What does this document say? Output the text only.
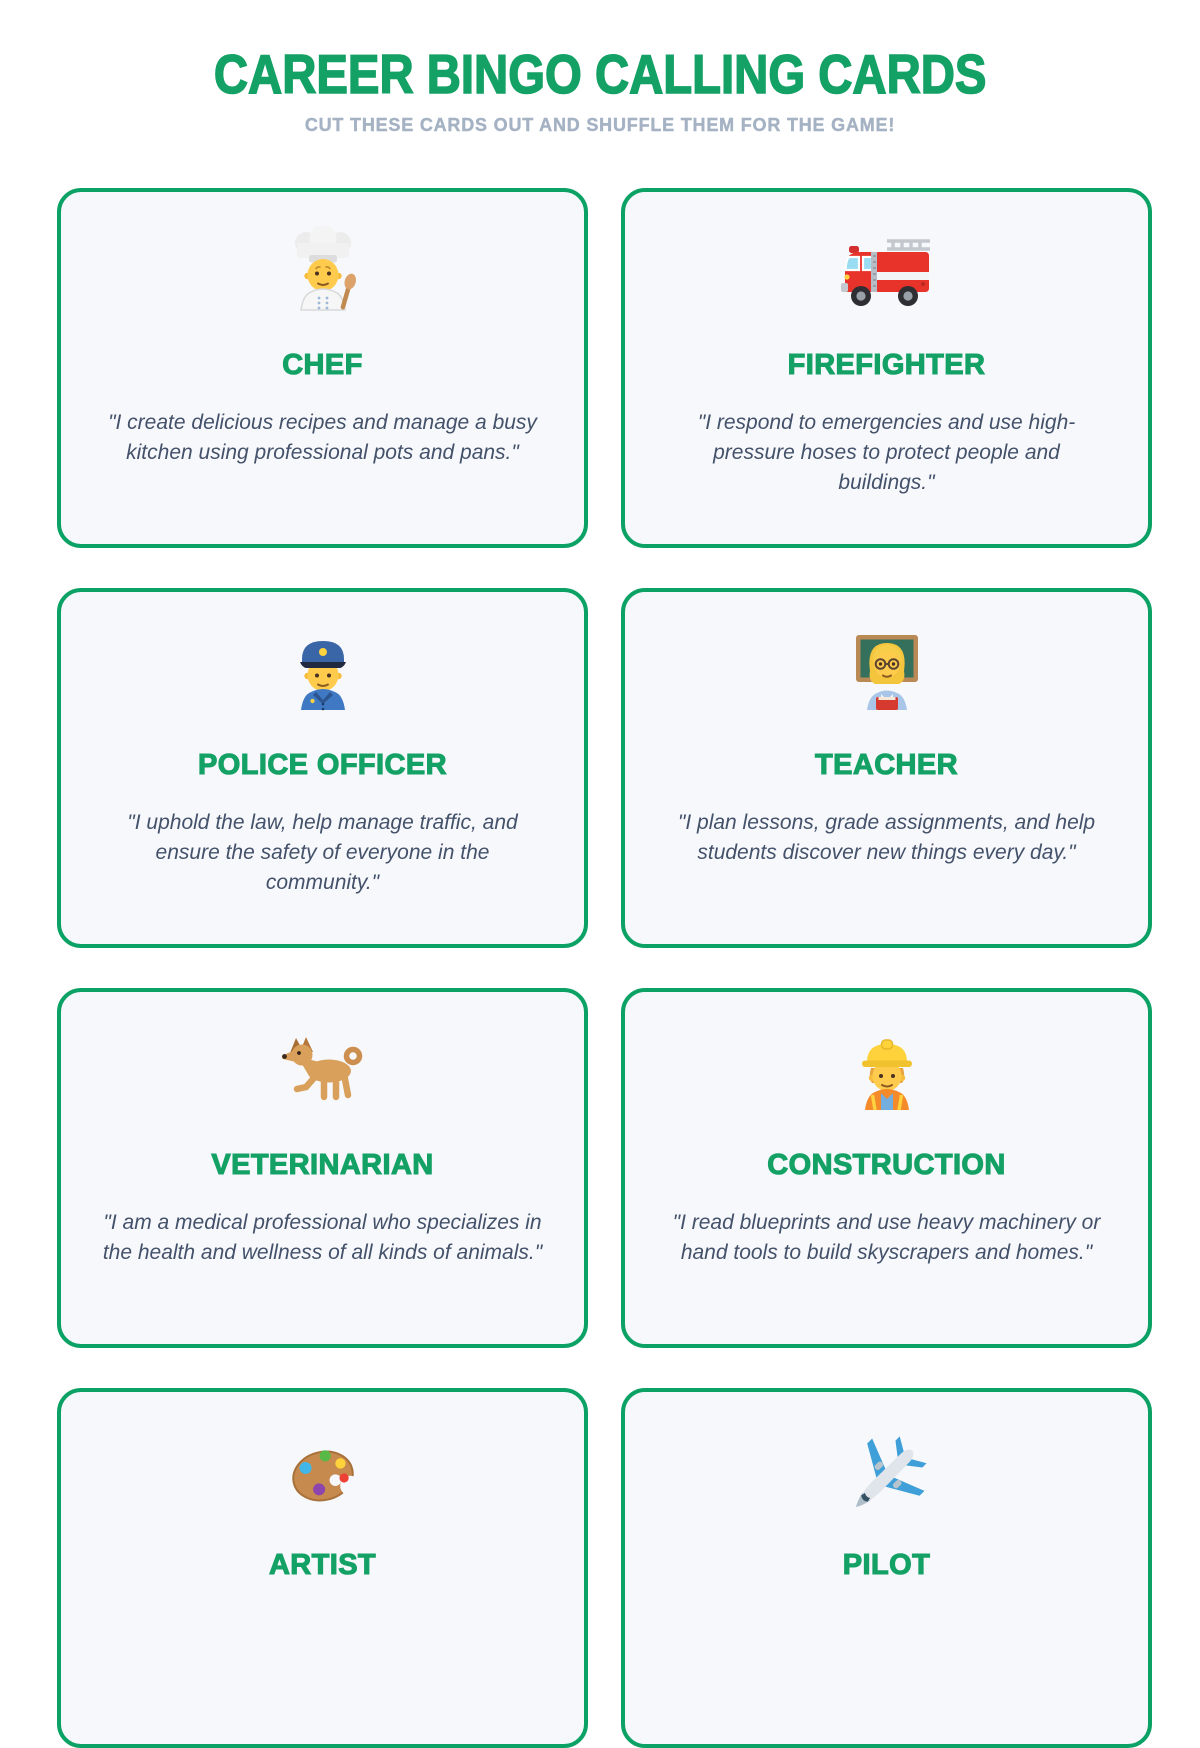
CAREER BINGO CALLING CARDS
CUT THESE CARDS OUT AND SHUFFLE THEM FOR THE GAME!
CHEF
"I create delicious recipes and manage a busy kitchen using professional pots and pans."
FIREFIGHTER
"I respond to emergencies and use high-pressure hoses to protect people and buildings."
POLICE OFFICER
"I uphold the law, help manage traffic, and ensure the safety of everyone in the community."
TEACHER
"I plan lessons, grade assignments, and help students discover new things every day."
VETERINARIAN
"I am a medical professional who specializes in the health and wellness of all kinds of animals."
CONSTRUCTION
"I read blueprints and use heavy machinery or hand tools to build skyscrapers and homes."
ARTIST	PILOT
